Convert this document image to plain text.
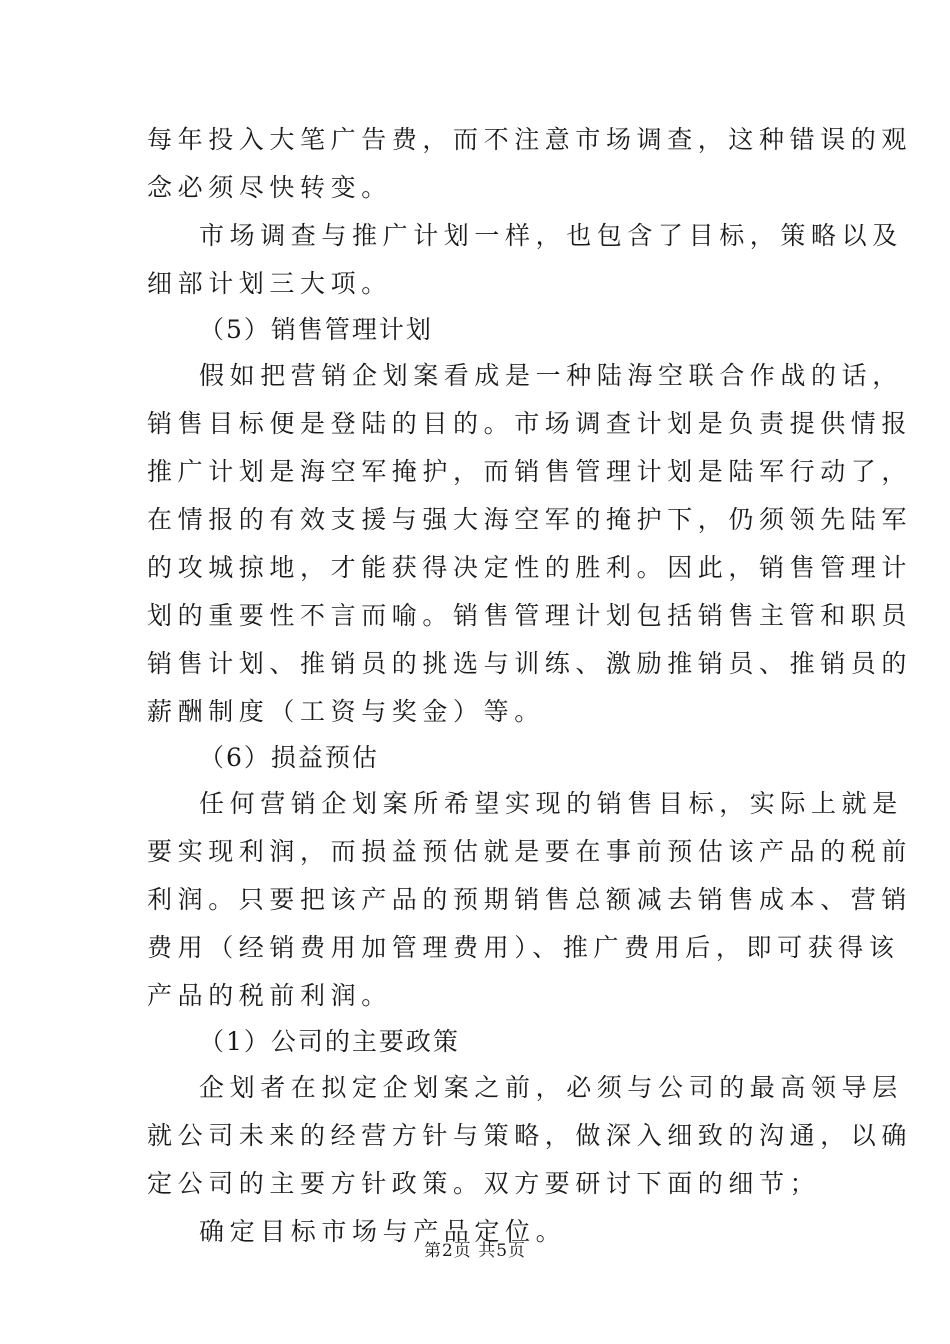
每年投入大笔广告费，而不注意市场调查，这种错误的观
念必须尽快转变。
市场调查与推广计划一样，也包含了目标，策略以及
细部计划三大项。
（5）销售管理计划
假如把营销企划案看成是一种陆海空联合作战的话，
销售目标便是登陆的目的。市场调查计划是负责提供情报
推广计划是海空军掩护，而销售管理计划是陆军行动了，
在情报的有效支援与强大海空军的掩护下，仍须领先陆军
的攻城掠地，才能获得决定性的胜利。因此，销售管理计
划的重要性不言而喻。销售管理计划包括销售主管和职员
销售计划、推销员的挑选与训练、激励推销员、推销员的
薪酬制度（工资与奖金）等。
（6）损益预估
任何营销企划案所希望实现的销售目标，实际上就是
要实现利润，而损益预估就是要在事前预估该产品的税前
利润。只要把该产品的预期销售总额减去销售成本、营销
费用（经销费用加管理费用）、推广费用后，即可获得该
产品的税前利润。
（1）公司的主要政策
企划者在拟定企划案之前，必须与公司的最高领导层
就公司未来的经营方针与策略，做深入细致的沟通，以确
定公司的主要方针政策。双方要研讨下面的细节；
确定目标市场与产品定位。
第2页 共5页
